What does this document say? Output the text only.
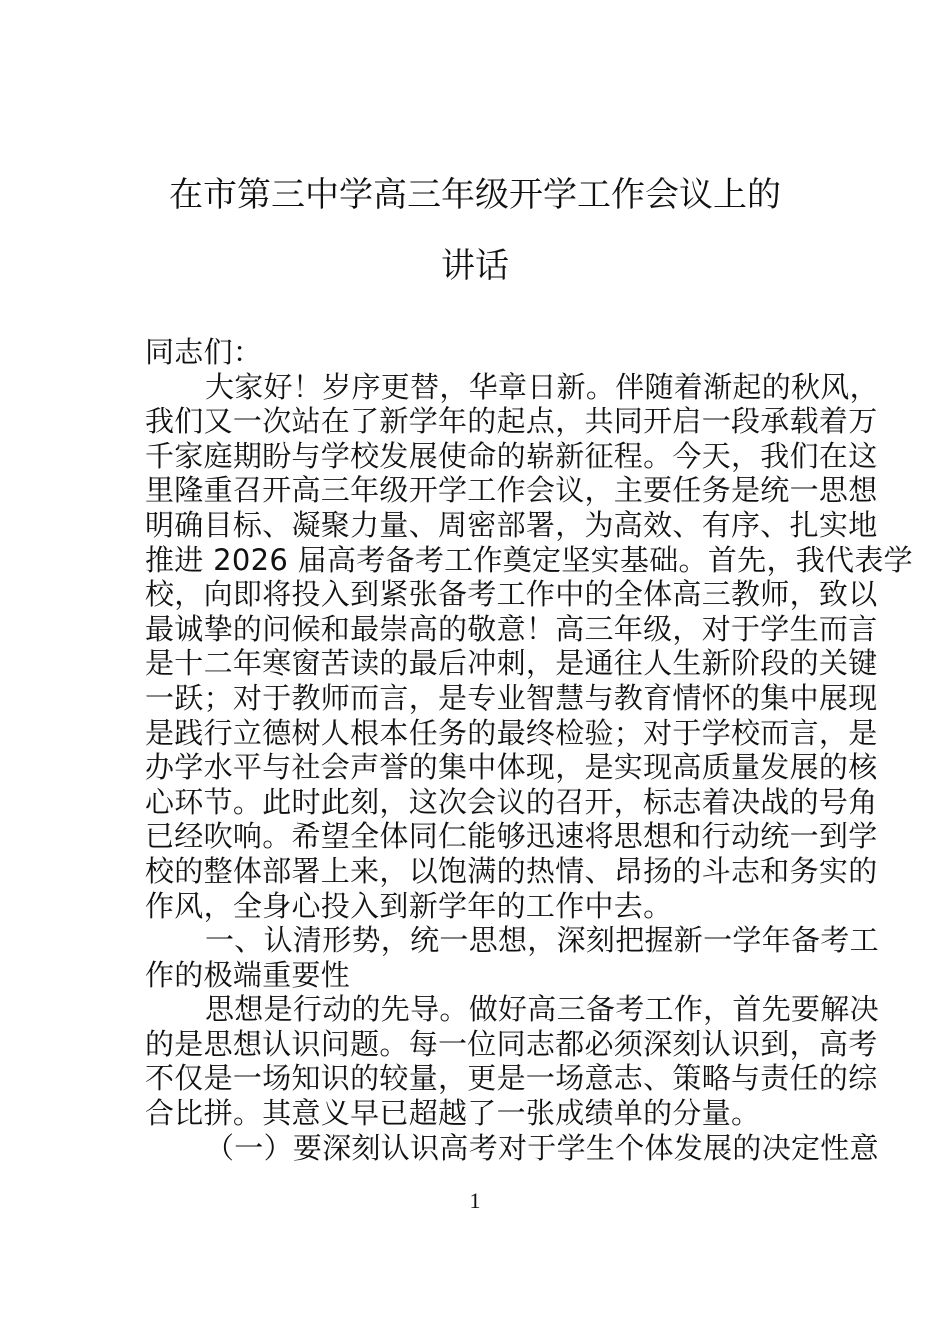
在市第三中学高三年级开学工作会议上的
讲话
同志们：
大家好！岁序更替，华章日新。伴随着渐起的秋风，
我们又一次站在了新学年的起点，共同开启一段承载着万
千家庭期盼与学校发展使命的崭新征程。今天，我们在这
里隆重召开高三年级开学工作会议，主要任务是统一思想
明确目标、凝聚力量、周密部署，为高效、有序、扎实地
推进 2026 届高考备考工作奠定坚实基础。首先，我代表学
校，向即将投入到紧张备考工作中的全体高三教师，致以
最诚挚的问候和最崇高的敬意！高三年级，对于学生而言
是十二年寒窗苦读的最后冲刺，是通往人生新阶段的关键
一跃；对于教师而言，是专业智慧与教育情怀的集中展现
是践行立德树人根本任务的最终检验；对于学校而言，是
办学水平与社会声誉的集中体现，是实现高质量发展的核
心环节。此时此刻，这次会议的召开，标志着决战的号角
已经吹响。希望全体同仁能够迅速将思想和行动统一到学
校的整体部署上来，以饱满的热情、昂扬的斗志和务实的
作风，全身心投入到新学年的工作中去。
一、认清形势，统一思想，深刻把握新一学年备考工
作的极端重要性
思想是行动的先导。做好高三备考工作，首先要解决
的是思想认识问题。每一位同志都必须深刻认识到，高考
不仅是一场知识的较量，更是一场意志、策略与责任的综
合比拼。其意义早已超越了一张成绩单的分量。
（一）要深刻认识高考对于学生个体发展的决定性意
1
